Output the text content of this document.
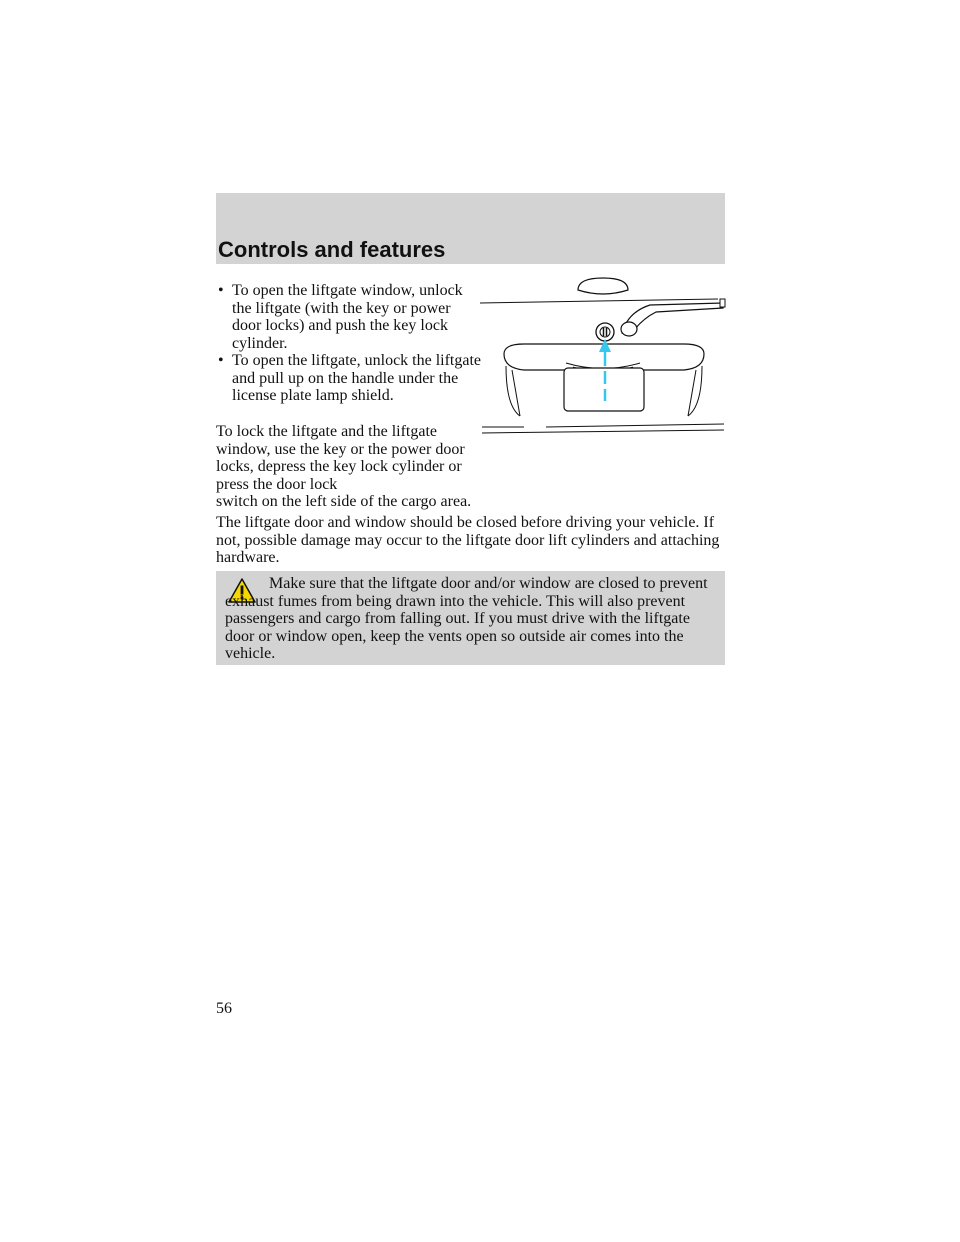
Controls and features
• To open the liftgate window, unlock the liftgate (with the key or power door locks) and push the key lock cylinder.
• To open the liftgate, unlock the liftgate and pull up on the handle under the license plate lamp shield.
To lock the liftgate and the liftgate window, use the key or the power door locks, depress the key lock cylinder or press the door lock
switch on the left side of the cargo area.
The liftgate door and window should be closed before driving your vehicle. If not, possible damage may occur to the liftgate door lift cylinders and attaching hardware.
Make sure that the liftgate door and/or window are closed to prevent exhaust fumes from being drawn into the vehicle. This will also prevent passengers and cargo from falling out. If you must drive with the liftgate door or window open, keep the vents open so outside air comes into the vehicle.
56
